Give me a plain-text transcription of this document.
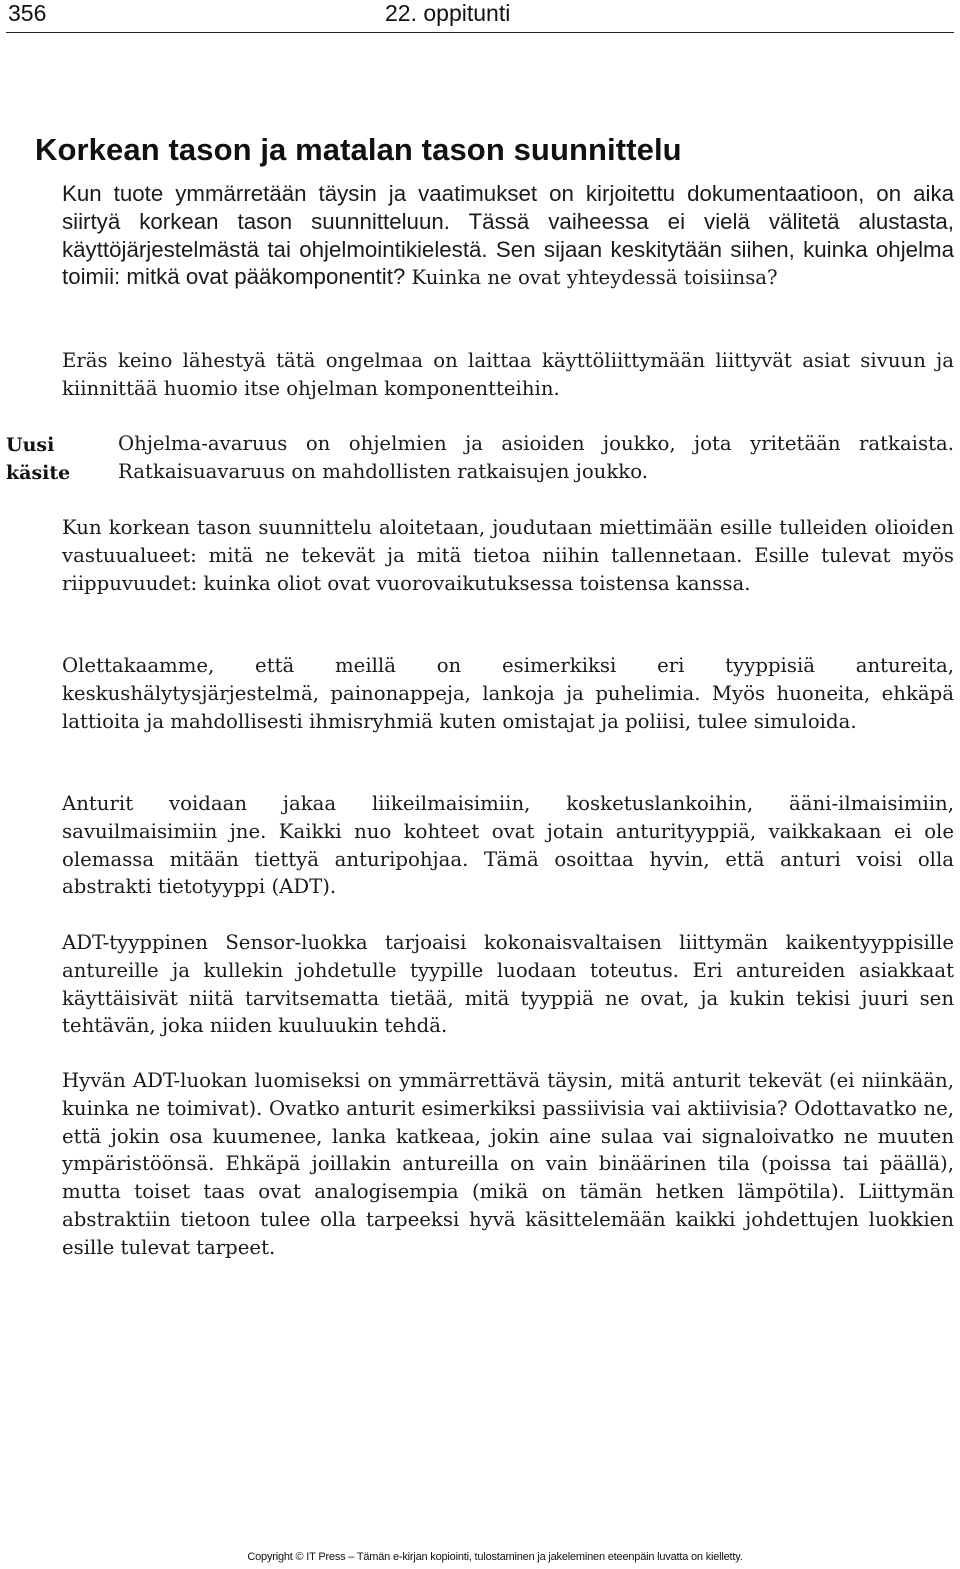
356	22. oppitunti
Korkean tason ja matalan tason suunnittelu

Kun tuote ymmärretään täysin ja vaatimukset on kirjoitettu dokumentaatioon, on aika siirtyä korkean tason suunnitteluun. Tässä vaiheessa ei vielä välitetä alustasta, käyttöjärjestelmästä tai ohjelmointikielestä. Sen sijaan keskitytään siihen, kuinka ohjelma toimii: mitkä ovat pääkomponentit? Kuinka ne ovat yhteydessä toisiinsa?

Eräs keino lähestyä tätä ongelmaa on laittaa käyttöliittymään liittyvät asiat sivuun ja kiinnittää huomio itse ohjelman komponentteihin.

Uusi
käsite

Ohjelma-avaruus on ohjelmien ja asioiden joukko, jota yritetään ratkaista. Ratkaisuavaruus on mahdollisten ratkaisujen joukko.

Kun korkean tason suunnittelu aloitetaan, joudutaan miettimään esille tulleiden olioiden vastuualueet: mitä ne tekevät ja mitä tietoa niihin tallennetaan. Esille tulevat myös riippuvuudet: kuinka oliot ovat vuorovaikutuksessa toistensa kanssa.

Olettakaamme, että meillä on esimerkiksi eri tyyppisiä antureita, keskushälytysjärjestelmä, painonappeja, lankoja ja puhelimia. Myös huoneita, ehkäpä lattioita ja mahdollisesti ihmisryhmiä kuten omistajat ja poliisi, tulee simuloida.

Anturit voidaan jakaa liikeilmaisimiin, kosketuslankoihin, ääni-ilmaisimiin, savuilmaisimiin jne. Kaikki nuo kohteet ovat jotain anturityyppiä, vaikkakaan ei ole olemassa mitään tiettyä anturipohjaa. Tämä osoittaa hyvin, että anturi voisi olla abstrakti tietotyyppi (ADT).

ADT-tyyppinen Sensor-luokka tarjoaisi kokonaisvaltaisen liittymän kaikentyyppisille antureille ja kullekin johdetulle tyypille luodaan toteutus. Eri antureiden asiakkaat käyttäisivät niitä tarvitsematta tietää, mitä tyyppiä ne ovat, ja kukin tekisi juuri sen tehtävän, joka niiden kuuluukin tehdä.

Hyvän ADT-luokan luomiseksi on ymmärrettävä täysin, mitä anturit tekevät (ei niinkään, kuinka ne toimivat). Ovatko anturit esimerkiksi passiivisia vai aktiivisia? Odottavatko ne, että jokin osa kuumenee, lanka katkeaa, jokin aine sulaa vai signaloivatko ne muuten ympäristöönsä. Ehkäpä joillakin antureilla on vain binäärinen tila (poissa tai päällä), mutta toiset taas ovat analogisempia (mikä on tämän hetken lämpötila). Liittymän abstraktiin tietoon tulee olla tarpeeksi hyvä käsittelemään kaikki johdettujen luokkien esille tulevat tarpeet.

Copyright © IT Press – Tämän e-kirjan kopiointi, tulostaminen ja jakeleminen eteenpäin luvatta on kielletty.
